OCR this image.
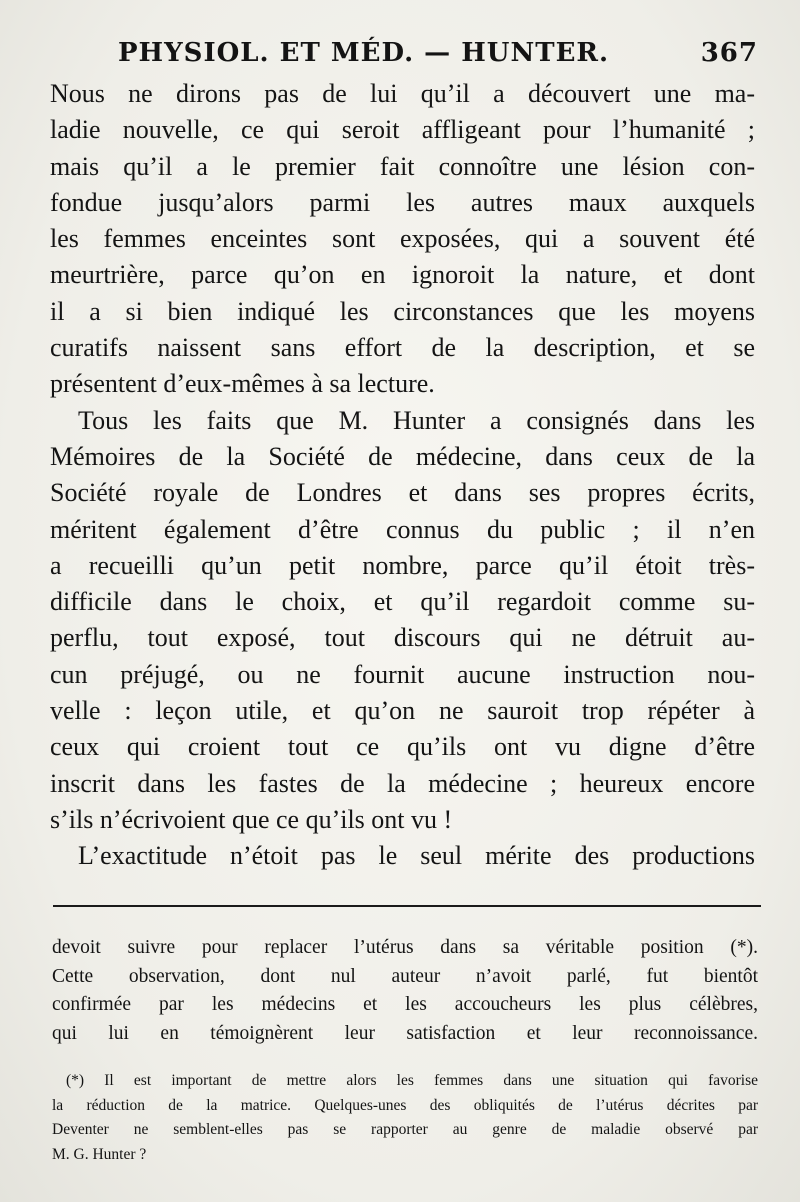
PHYSIOL. ET MÉD. — HUNTER.	367
Nous ne dirons pas de lui qu’il a découvert une ma-
ladie nouvelle, ce qui seroit affligeant pour l’humanité ;
mais qu’il a le premier fait connoître une lésion con-
fondue jusqu’alors parmi les autres maux auxquels
les femmes enceintes sont exposées, qui a souvent été
meurtrière, parce qu’on en ignoroit la nature, et dont
il a si bien indiqué les circonstances que les moyens
curatifs naissent sans effort de la description, et se
présentent d’eux-mêmes à sa lecture.
Tous les faits que M. Hunter a consignés dans les
Mémoires de la Société de médecine, dans ceux de la
Société royale de Londres et dans ses propres écrits,
méritent également d’être connus du public ; il n’en
a recueilli qu’un petit nombre, parce qu’il étoit très-
difficile dans le choix, et qu’il regardoit comme su-
perflu, tout exposé, tout discours qui ne détruit au-
cun préjugé, ou ne fournit aucune instruction nou-
velle : leçon utile, et qu’on ne sauroit trop répéter à
ceux qui croient tout ce qu’ils ont vu digne d’être
inscrit dans les fastes de la médecine ; heureux encore
s’ils n’écrivoient que ce qu’ils ont vu !
L’exactitude n’étoit pas le seul mérite des productions
devoit suivre pour replacer l’utérus dans sa véritable position (*).
Cette observation, dont nul auteur n’avoit parlé, fut bientôt
confirmée par les médecins et les accoucheurs les plus célèbres,
qui lui en témoignèrent leur satisfaction et leur reconnoissance.
(*) Il est important de mettre alors les femmes dans une situation qui favorise
la réduction de la matrice. Quelques-unes des obliquités de l’utérus décrites par
Deventer ne semblent-elles pas se rapporter au genre de maladie observé par
M. G. Hunter ?
